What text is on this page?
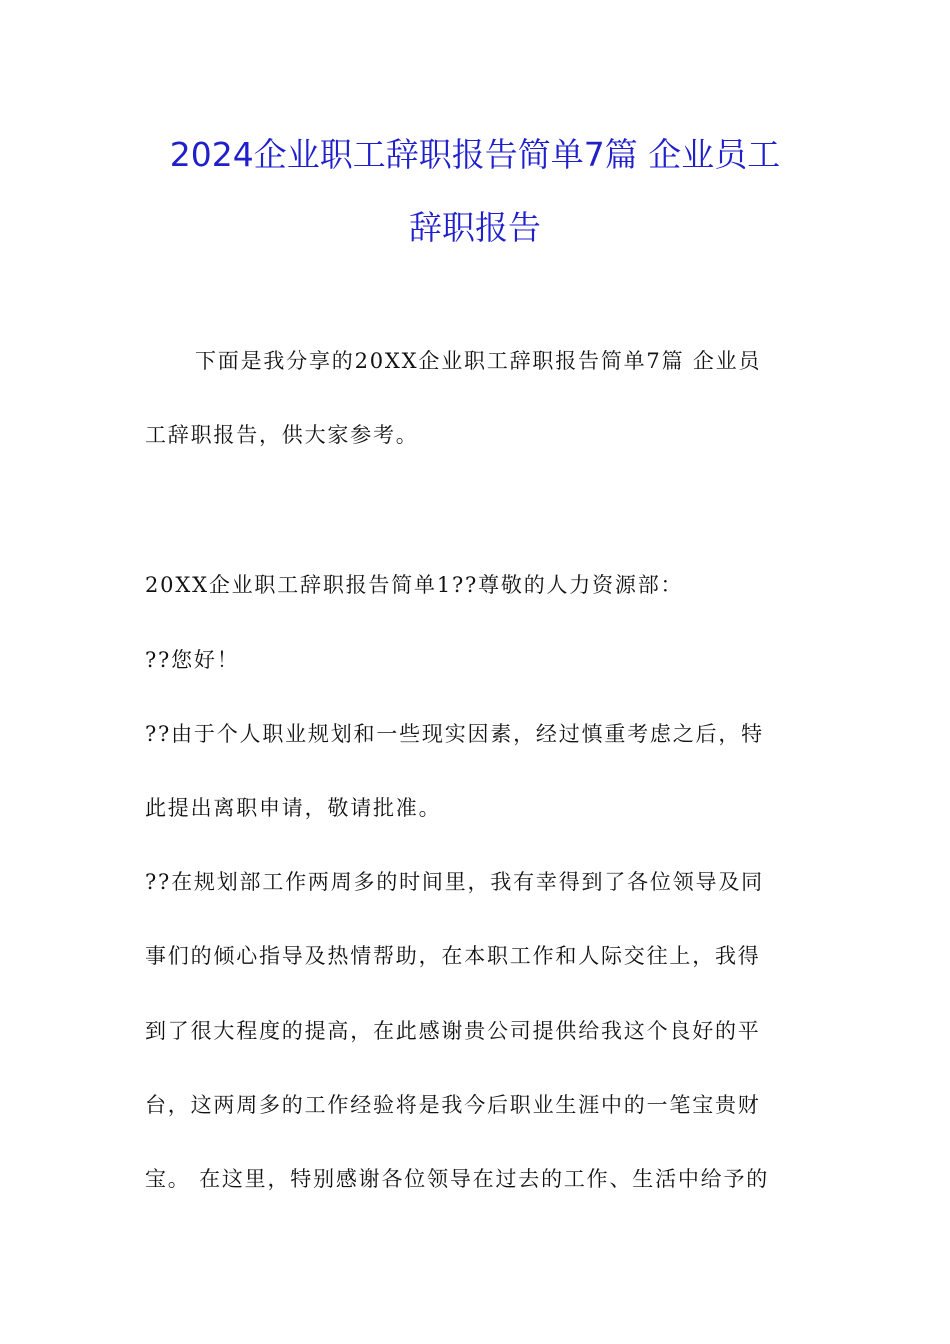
2024企业职工辞职报告简单7篇 企业员工
辞职报告
下面是我分享的20XX企业职工辞职报告简单7篇 企业员
工辞职报告，供大家参考。
20XX企业职工辞职报告简单1??尊敬的人力资源部：
??您好！
??由于个人职业规划和一些现实因素，经过慎重考虑之后，特
此提出离职申请，敬请批准。
??在规划部工作两周多的时间里，我有幸得到了各位领导及同
事们的倾心指导及热情帮助，在本职工作和人际交往上，我得
到了很大程度的提高，在此感谢贵公司提供给我这个良好的平
台，这两周多的工作经验将是我今后职业生涯中的一笔宝贵财
宝。 在这里，特别感谢各位领导在过去的工作、生活中给予的
